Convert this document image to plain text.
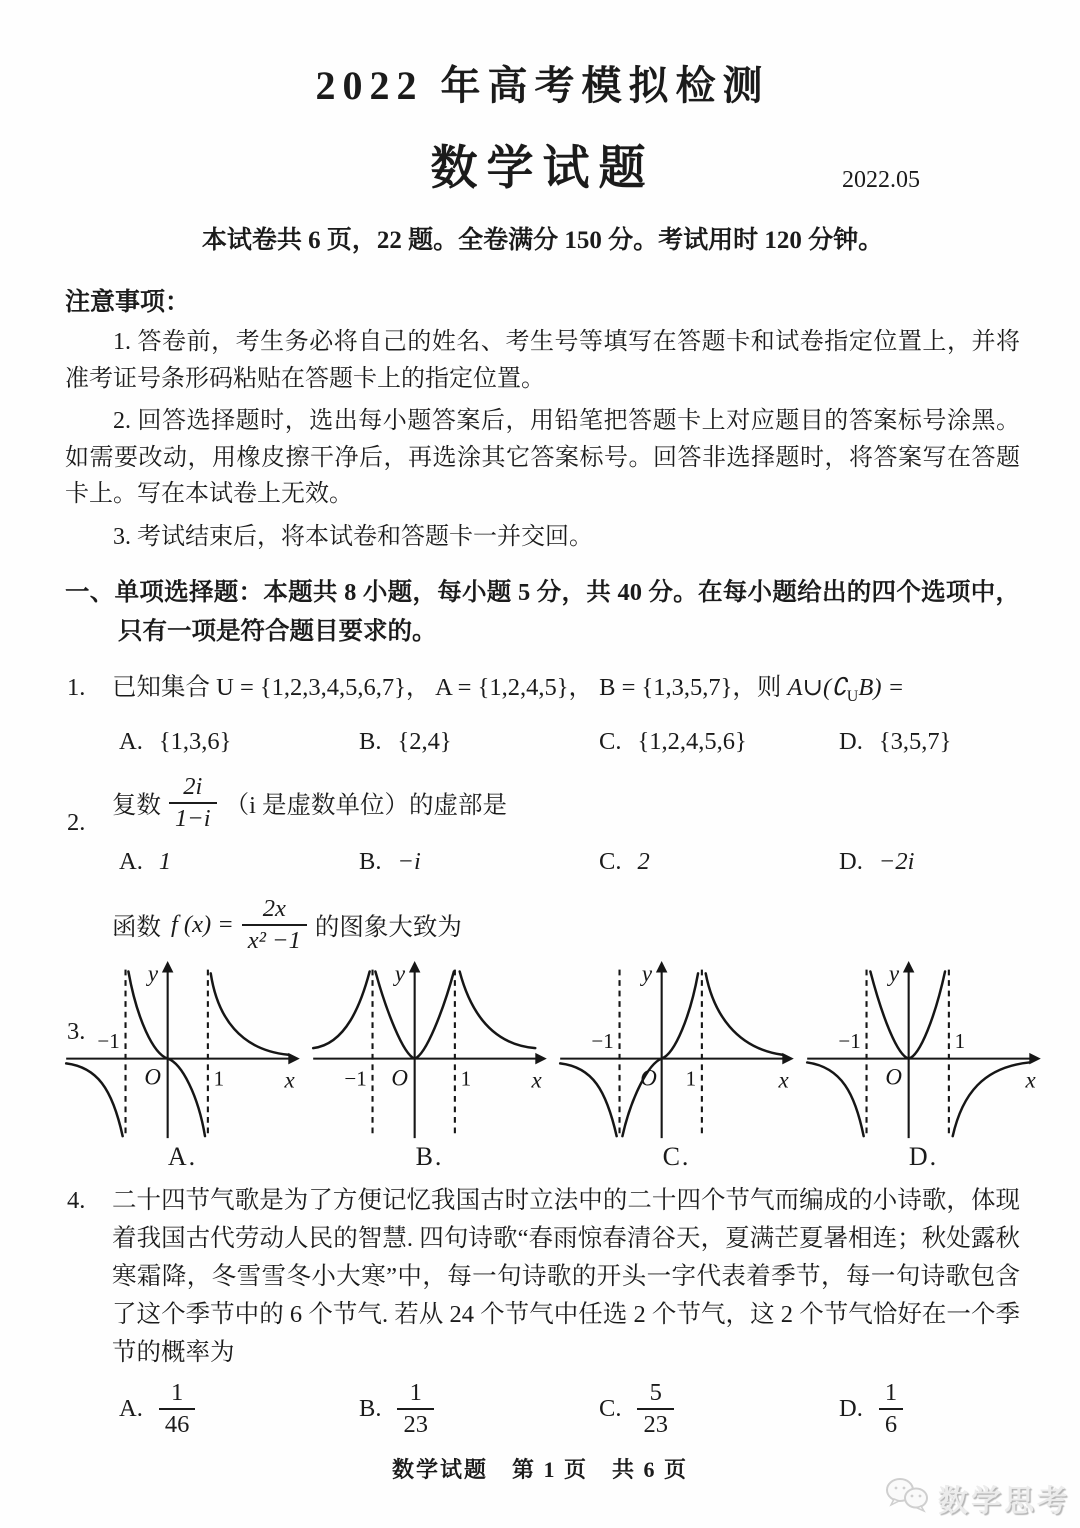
2022 年高考模拟检测
数学试题	2022.05
本试卷共 6 页，22 题。全卷满分 150 分。考试用时 120 分钟。
注意事项：

1. 答卷前，考生务必将自己的姓名、考生号等填写在答题卡和试卷指定位置上，并将准考证号条形码粘贴在答题卡上的指定位置。

2. 回答选择题时，选出每小题答案后，用铅笔把答题卡上对应题目的答案标号涂黑。如需要改动，用橡皮擦干净后，再选涂其它答案标号。回答非选择题时，将答案写在答题卡上。写在本试卷上无效。

3. 考试结束后，将本试卷和答题卡一并交回。

一、单项选择题：本题共 8 小题，每小题 5 分，共 40 分。在每小题给出的四个选项中，只有一项是符合题目要求的。
1. 已知集合 U = {1,2,3,4,5,6,7}， A = {1,2,4,5}， B = {1,3,5,7}，则 $A\cup(∁_UB)$ =
A. {1,3,6}	B. {2,4}	C. {1,2,4,5,6}	D. {3,5,7}
2.
复数 $\frac{2i}{1-i} (i$ 是虚数单位）的虚部是
A. 1	B. −i	C. 2	D. −2i
3.
函数 f $(x) = \frac{2x}{\text{x² −1}}$ 的图象大致为
y
x
O
−1
1
A.
y
x
O
−1	1
B.
y
x
O
−1
1
C.
y
x
O
−1	1
D.
4. 二十四节气歌是为了方便记忆我国古时立法中的二十四个节气而编成的小诗歌，体现着我国古代劳动人民的智慧. 四句诗歌“春雨惊春清谷天，夏满芒夏暑相连；秋处露秋寒霜降，冬雪雪冬小大寒”中，每一句诗歌的开头一字代表着季节，每一句诗歌包含了这个季节中的 6 个节气. 若从 24 个节气中任选 2 个节气，这 2 个节气恰好在一个季节的概率为
A. $\frac{1}{46}$	B. $\frac{1}{23}$	C. $\frac{5}{23}$	D. $\frac{1}{6}$
数学试题　第 1 页　共 6 页
数学思考
